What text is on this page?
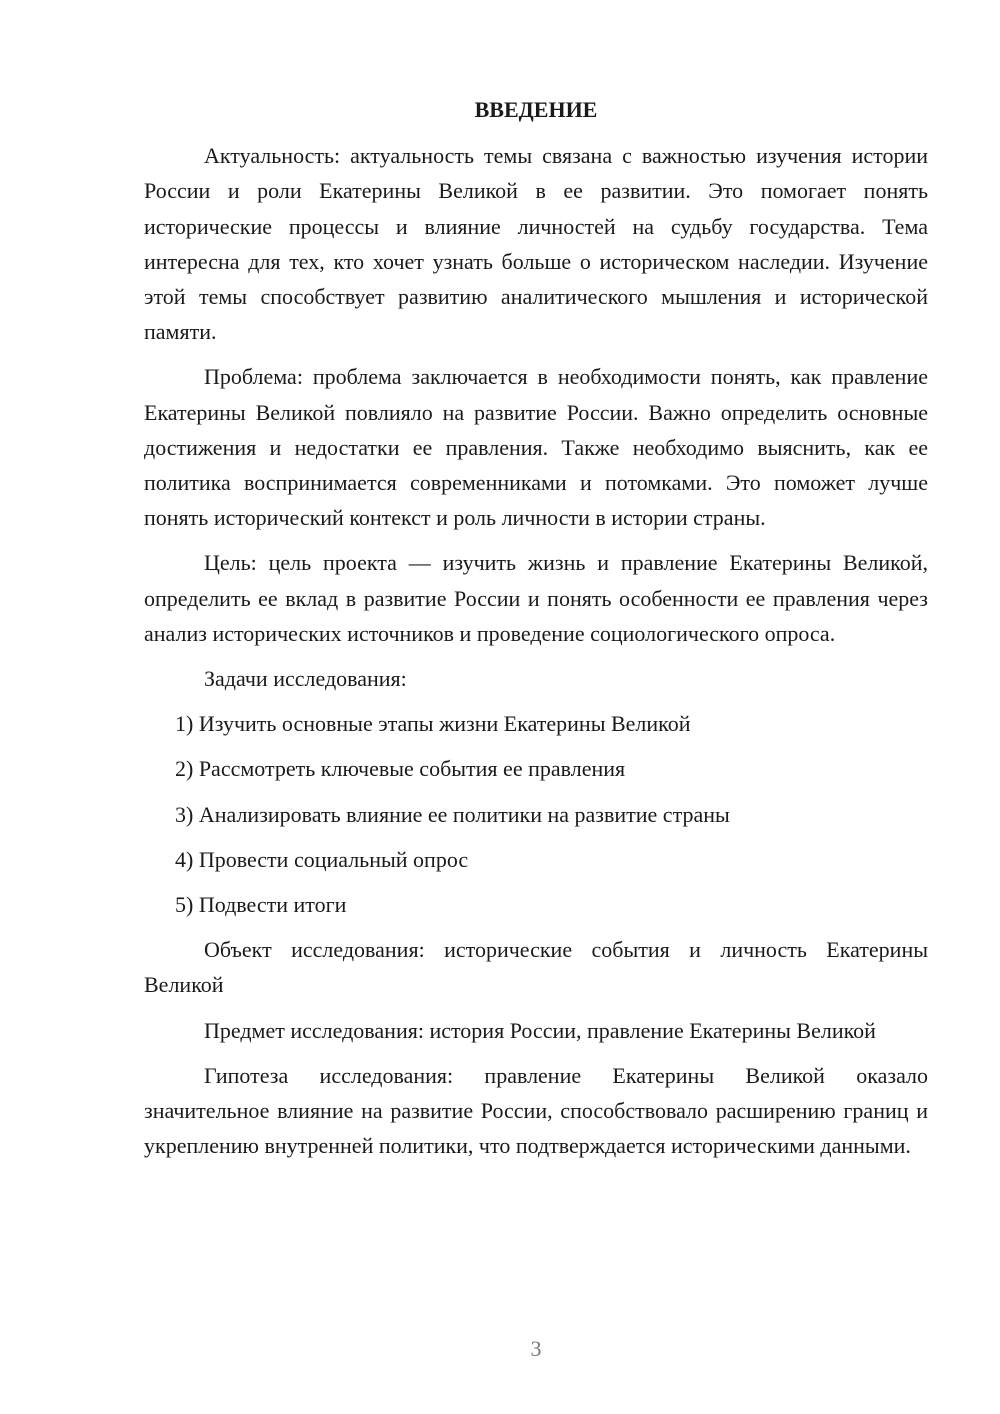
ВВЕДЕНИЕ

Актуальность: актуальность темы связана с важностью изучения истории России и роли Екатерины Великой в ее развитии. Это помогает понять исторические процессы и влияние личностей на судьбу государства. Тема интересна для тех, кто хочет узнать больше о историческом наследии. Изучение этой темы способствует развитию аналитического мышления и исторической памяти.

Проблема: проблема заключается в необходимости понять, как правление Екатерины Великой повлияло на развитие России. Важно определить основные достижения и недостатки ее правления. Также необходимо выяснить, как ее политика воспринимается современниками и потомками. Это поможет лучше понять исторический контекст и роль личности в истории страны.

Цель: цель проекта — изучить жизнь и правление Екатерины Великой, определить ее вклад в развитие России и понять особенности ее правления через анализ исторических источников и проведение социологического опроса.

Задачи исследования:

1) Изучить основные этапы жизни Екатерины Великой
2) Рассмотреть ключевые события ее правления
3) Анализировать влияние ее политики на развитие страны
4) Провести социальный опрос
5) Подвести итоги

Объект исследования: исторические события и личность Екатерины Великой

Предмет исследования: история России, правление Екатерины Великой

Гипотеза исследования: правление Екатерины Великой оказало значительное влияние на развитие России, способствовало расширению границ и укреплению внутренней политики, что подтверждается историческими данными.

3
